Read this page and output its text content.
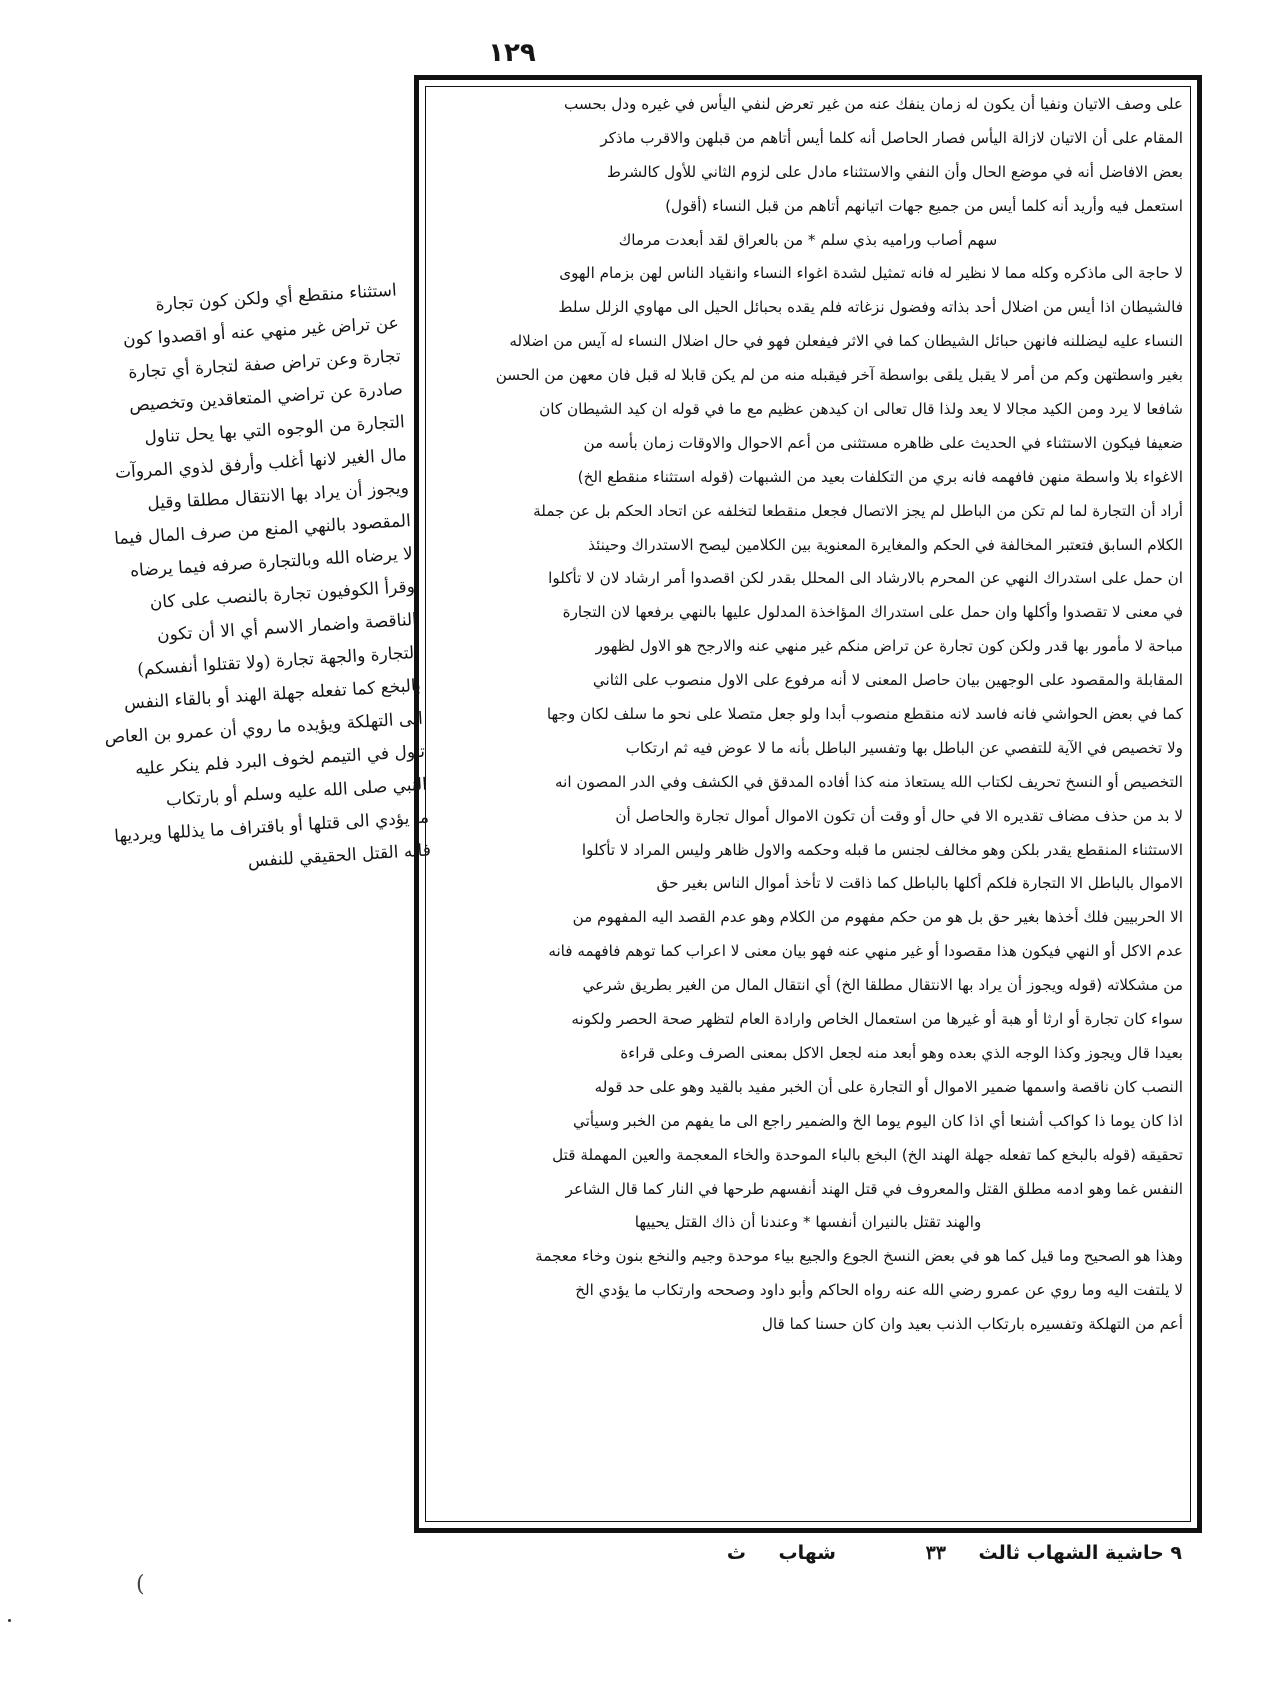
١٢٩
على وصف الاتيان ونفيا أن يكون له زمان ينفك عنه من غير تعرض لنفي اليأس في غيره ودل بحسب
المقام على أن الاتيان لازالة اليأس فصار الحاصل أنه كلما أيس أتاهم من قبلهن والاقرب ماذكر
بعض الافاضل أنه في موضع الحال وأن النفي والاستثناء مادل على لزوم الثاني للأول كالشرط
استعمل فيه وأريد أنه كلما أيس من جميع جهات اتيانهم أتاهم من قبل النساء (أقول)
سهم أصاب وراميه بذي سلم * من بالعراق لقد أبعدت مرماك
لا حاجة الى ماذكره وكله مما لا نظير له فانه تمثيل لشدة اغواء النساء وانقياد الناس لهن بزمام الهوى
فالشيطان اذا أيس من اضلال أحد بذاته وفضول نزغاته فلم يقده بحبائل الحيل الى مهاوي الزلل سلط
النساء عليه ليضللنه فانهن حبائل الشيطان كما في الاثر فيفعلن فهو في حال اضلال النساء له آيس من اضلاله
بغير واسطتهن وكم من أمر لا يقبل يلقى بواسطة آخر فيقبله منه من لم يكن قابلا له قبل فان معهن من الحسن
شافعا لا يرد ومن الكيد مجالا لا يعد ولذا قال تعالى ان كيدهن عظيم مع ما في قوله ان كيد الشيطان كان
ضعيفا فيكون الاستثناء في الحديث على ظاهره مستثنى من أعم الاحوال والاوقات زمان بأسه من
الاغواء بلا واسطة منهن فافهمه فانه بري من التكلفات بعيد من الشبهات (قوله استثناء منقطع الخ)
أراد أن التجارة لما لم تكن من الباطل لم يجز الاتصال فجعل منقطعا لتخلفه عن اتحاد الحكم بل عن جملة
الكلام السابق فتعتبر المخالفة في الحكم والمغايرة المعنوية بين الكلامين ليصح الاستدراك وحينئذ
ان حمل على استدراك النهي عن المحرم بالارشاد الى المحلل بقدر لكن اقصدوا أمر ارشاد لان لا تأكلوا
في معنى لا تقصدوا وأكلها وان حمل على استدراك المؤاخذة المدلول عليها بالنهي برفعها لان التجارة
مباحة لا مأمور بها قدر ولكن كون تجارة عن تراض منكم غير منهي عنه والارجح هو الاول لظهور
المقابلة والمقصود على الوجهين بيان حاصل المعنى لا أنه مرفوع على الاول منصوب على الثاني
كما في بعض الحواشي فانه فاسد لانه منقطع منصوب أبدا ولو جعل متصلا على نحو ما سلف لكان وجها
ولا تخصيص في الآية للتفصي عن الباطل بها وتفسير الباطل بأنه ما لا عوض فيه ثم ارتكاب
التخصيص أو النسخ تحريف لكتاب الله يستعاذ منه كذا أفاده المدقق في الكشف وفي الدر المصون انه
لا بد من حذف مضاف تقديره الا في حال أو وقت أن تكون الاموال أموال تجارة والحاصل أن
الاستثناء المنقطع يقدر بلكن وهو مخالف لجنس ما قبله وحكمه والاول ظاهر وليس المراد لا تأكلوا
الاموال بالباطل الا التجارة فلكم أكلها بالباطل كما ذاقت لا تأخذ أموال الناس بغير حق
الا الحربيين فلك أخذها بغير حق بل هو من حكم مفهوم من الكلام وهو عدم القصد اليه المفهوم من
عدم الاكل أو النهي فيكون هذا مقصودا أو غير منهي عنه فهو بيان معنى لا اعراب كما توهم فافهمه فانه
من مشكلاته (قوله ويجوز أن يراد بها الانتقال مطلقا الخ) أي انتقال المال من الغير بطريق شرعي
سواء كان تجارة أو ارثا أو هبة أو غيرها من استعمال الخاص وارادة العام لتظهر صحة الحصر ولكونه
بعيدا قال ويجوز وكذا الوجه الذي بعده وهو أبعد منه لجعل الاكل بمعنى الصرف وعلى قراءة
النصب كان ناقصة واسمها ضمير الاموال أو التجارة على أن الخبر مفيد بالقيد وهو على حد قوله
اذا كان يوما ذا كواكب أشنعا أي اذا كان اليوم يوما الخ والضمير راجع الى ما يفهم من الخبر وسيأتي
تحقيقه (قوله بالبخع كما تفعله جهلة الهند الخ) البخع بالباء الموحدة والخاء المعجمة والعين المهملة قتل
النفس غما وهو ادمه مطلق القتل والمعروف في قتل الهند أنفسهم طرحها في النار كما قال الشاعر
والهند تقتل بالنيران أنفسها * وعندنا أن ذاك القتل يحييها
وهذا هو الصحيح وما قيل كما هو في بعض النسخ الجوع والجيع بياء موحدة وجيم والنخع بنون وخاء معجمة
لا يلتفت اليه وما روي عن عمرو رضي الله عنه رواه الحاكم وأبو داود وصححه وارتكاب ما يؤدي الخ
أعم من التهلكة وتفسيره بارتكاب الذنب بعيد وان كان حسنا كما قال
استثناء منقطع أي ولكن كون تجارة
عن تراض غير منهي عنه أو اقصدوا كون
تجارة وعن تراض صفة لتجارة أي تجارة
صادرة عن تراضي المتعاقدين وتخصيص
التجارة من الوجوه التي بها يحل تناول
مال الغير لانها أغلب وأرفق لذوي المروآت
ويجوز أن يراد بها الانتقال مطلقا وقيل
المقصود بالنهي المنع من صرف المال فيما
لا يرضاه الله وبالتجارة صرفه فيما يرضاه
وقرأ الكوفيون تجارة بالنصب على كان
الناقصة واضمار الاسم أي الا أن تكون
التجارة والجهة تجارة (ولا تقتلوا أنفسكم)
بالبخع كما تفعله جهلة الهند أو بالقاء النفس
الى التهلكة ويؤيده ما روي أن عمرو بن العاص
تأول في التيمم لخوف البرد فلم ينكر عليه
النبي صلى الله عليه وسلم أو بارتكاب
ما يؤدي الى قتلها أو باقتراف ما يذللها ويرديها
فانه القتل الحقيقي للنفس
٩ حاشية الشهاب ثالث
٣٣
شهاب
ث
(
